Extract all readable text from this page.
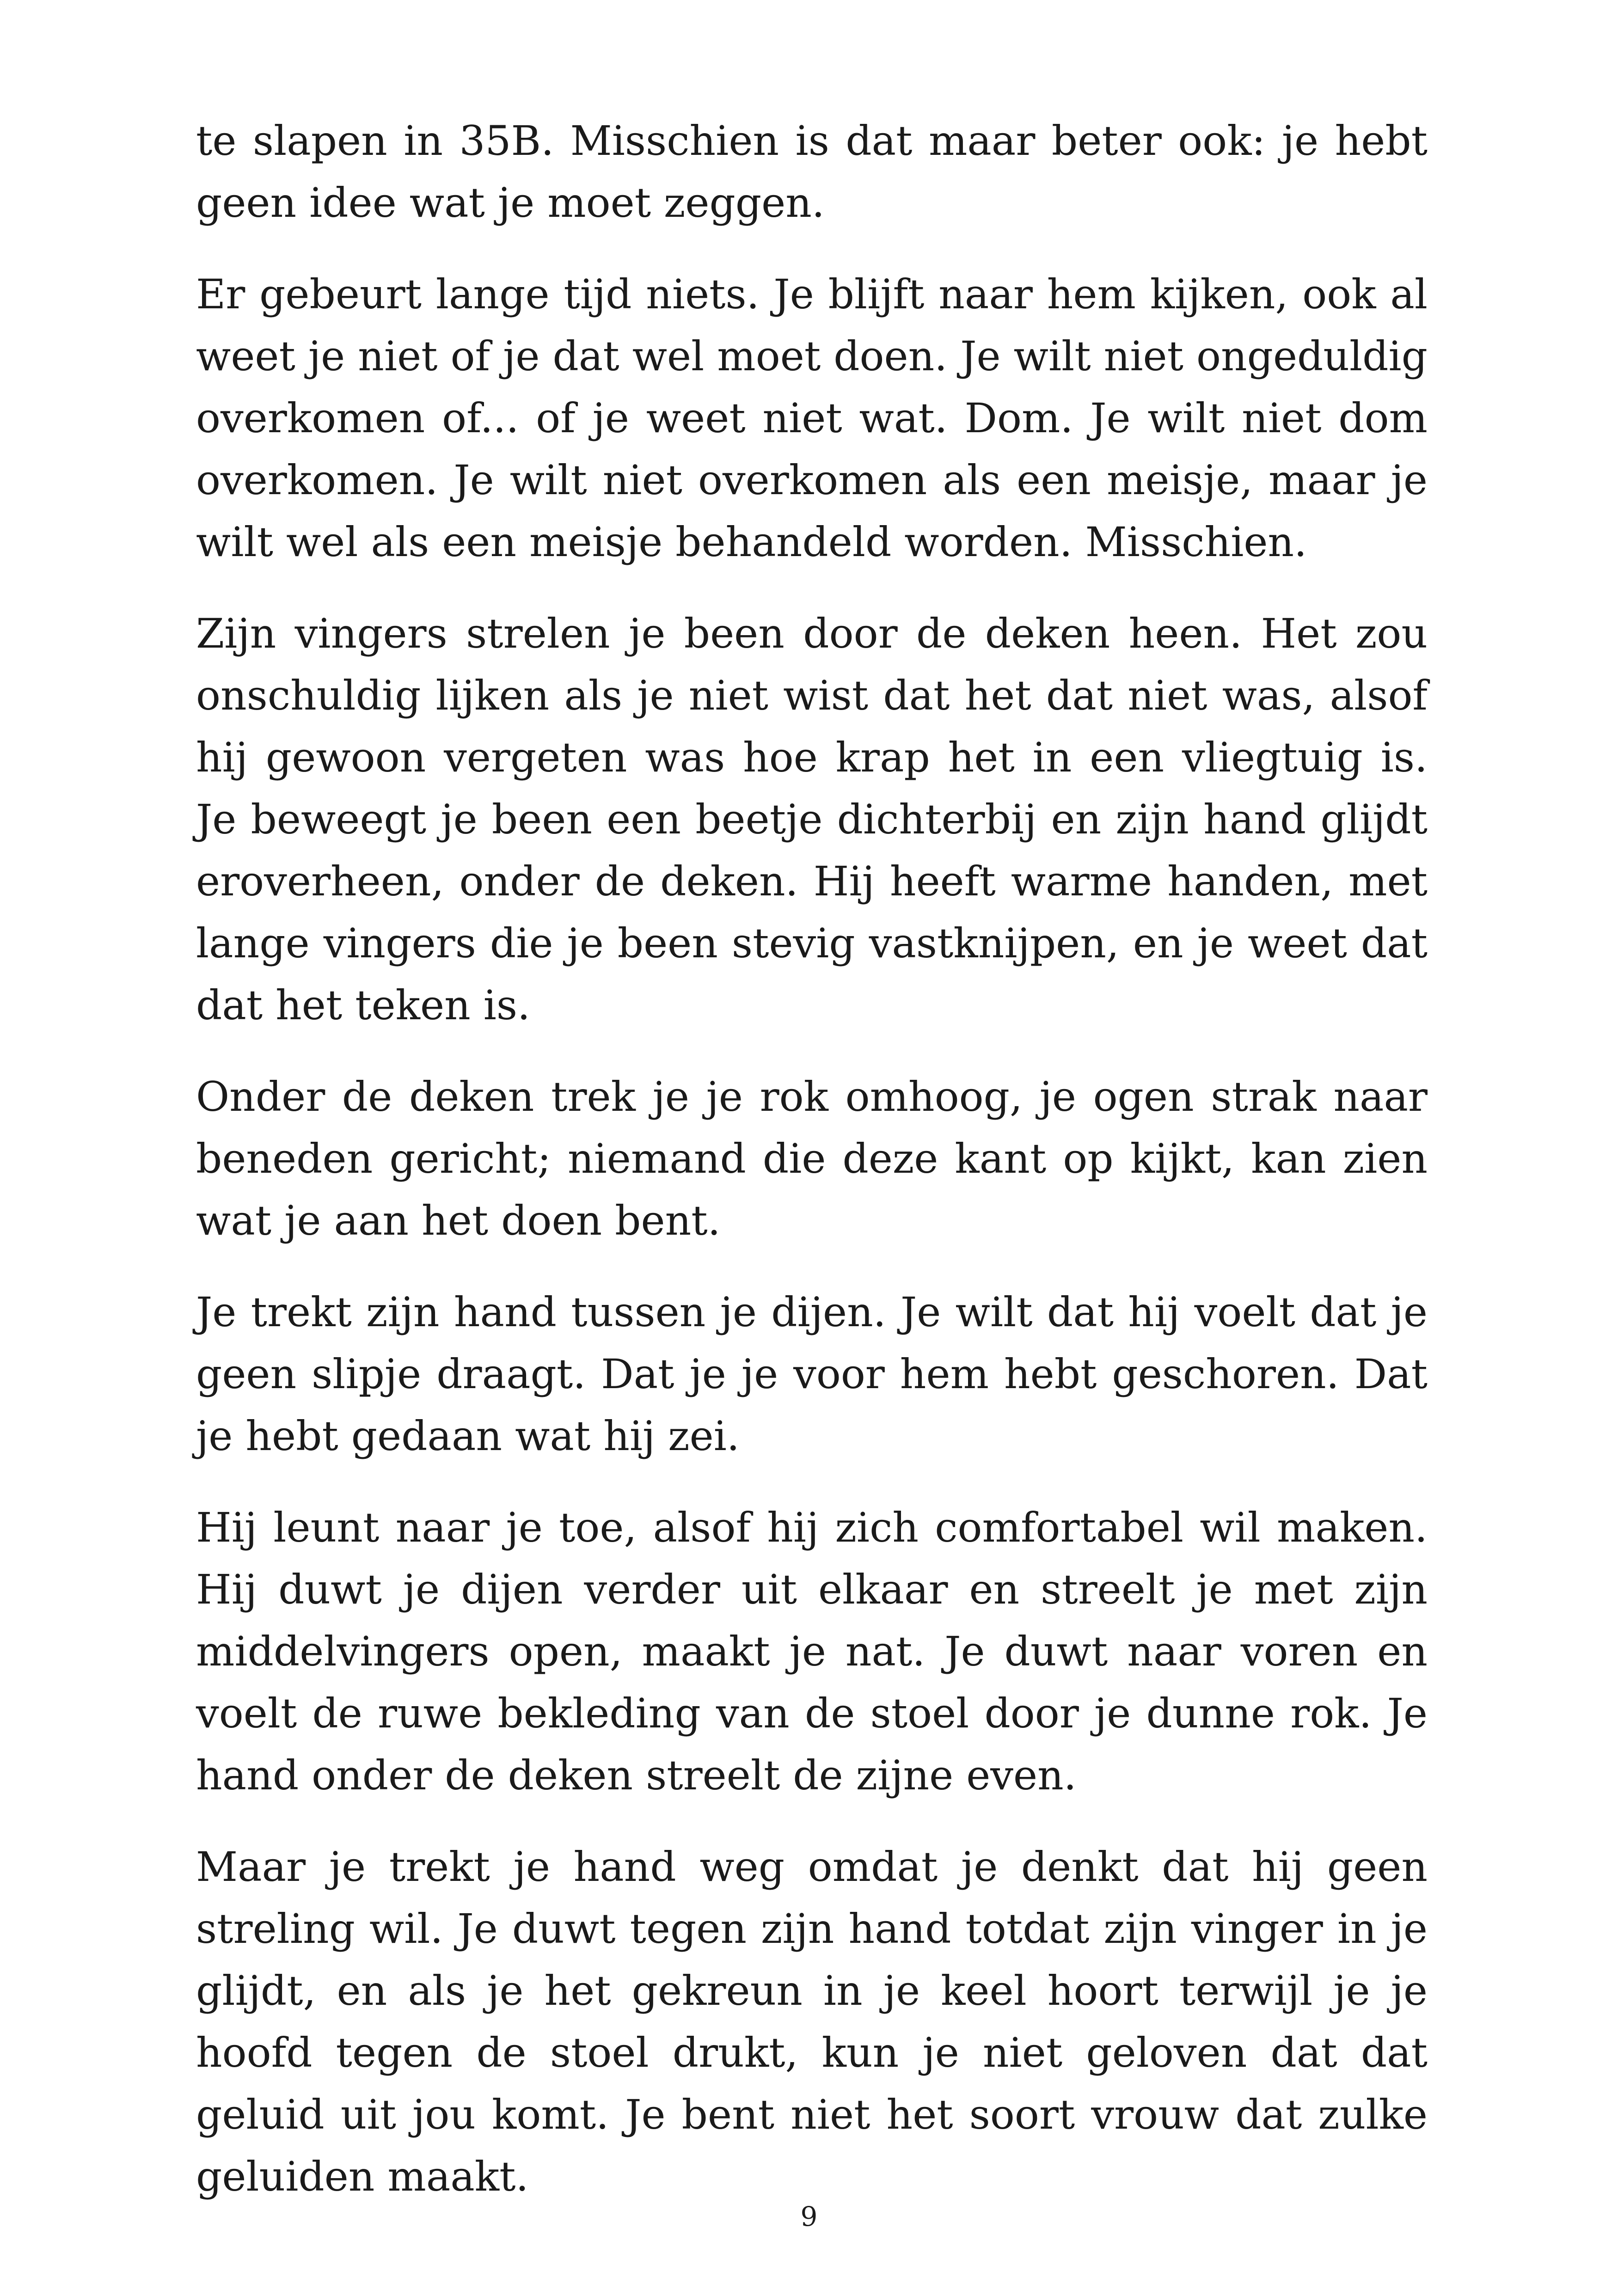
te slapen in 35B. Misschien is dat maar beter ook: je hebt geen idee wat je moet zeggen.

Er gebeurt lange tijd niets. Je blijft naar hem kijken, ook al weet je niet of je dat wel moet doen. Je wilt niet ongeduldig overkomen of... of je weet niet wat. Dom. Je wilt niet dom overkomen. Je wilt niet overkomen als een meisje, maar je wilt wel als een meisje behandeld worden. Misschien.

Zijn vingers strelen je been door de deken heen. Het zou onschuldig lijken als je niet wist dat het dat niet was, alsof hij gewoon vergeten was hoe krap het in een vliegtuig is. Je beweegt je been een beetje dichterbij en zijn hand glijdt eroverheen, onder de deken. Hij heeft warme handen, met lange vingers die je been stevig vastknijpen, en je weet dat dat het teken is.

Onder de deken trek je je rok omhoog, je ogen strak naar beneden gericht; niemand die deze kant op kijkt, kan zien wat je aan het doen bent.

Je trekt zijn hand tussen je dijen. Je wilt dat hij voelt dat je geen slipje draagt. Dat je je voor hem hebt geschoren. Dat je hebt gedaan wat hij zei.

Hij leunt naar je toe, alsof hij zich comfortabel wil maken. Hij duwt je dijen verder uit elkaar en streelt je met zijn middelvingers open, maakt je nat. Je duwt naar voren en voelt de ruwe bekleding van de stoel door je dunne rok. Je hand onder de deken streelt de zijne even.

Maar je trekt je hand weg omdat je denkt dat hij geen streling wil. Je duwt tegen zijn hand totdat zijn vinger in je glijdt, en als je het gekreun in je keel hoort terwijl je je hoofd tegen de stoel drukt, kun je niet geloven dat dat geluid uit jou komt. Je bent niet het soort vrouw dat zulke geluiden maakt.

9
